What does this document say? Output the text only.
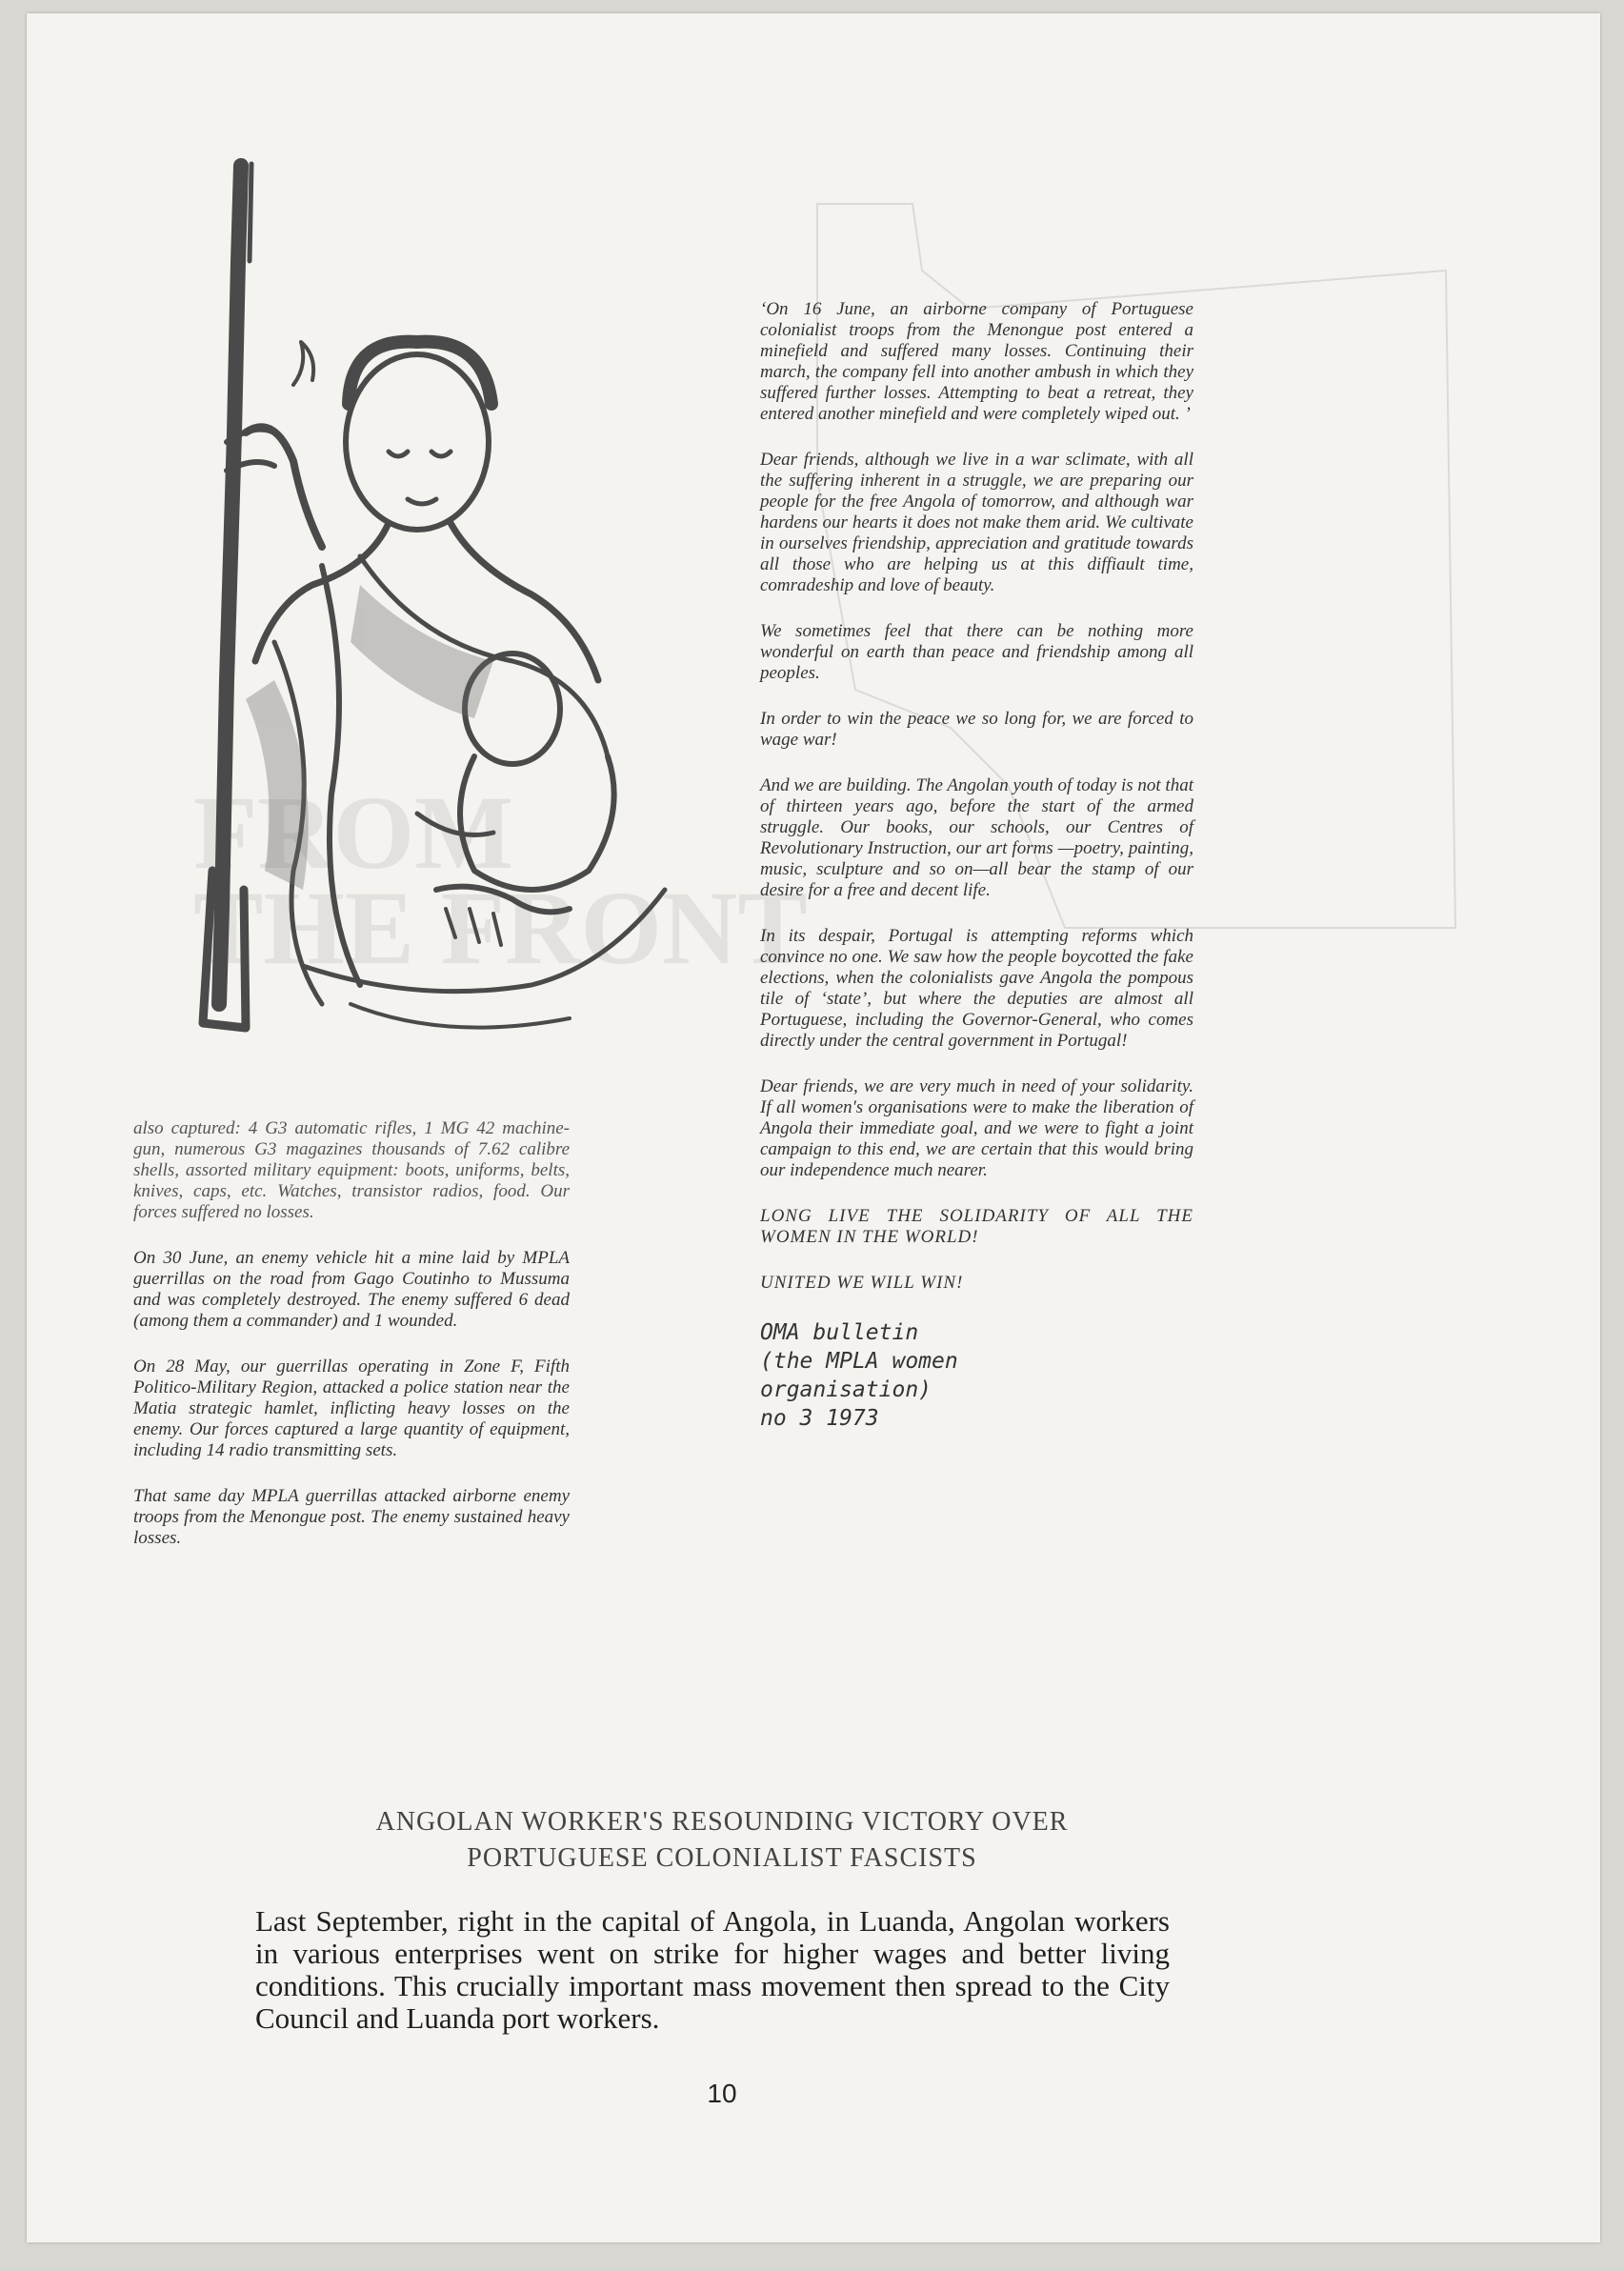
FROM
THE FRONT

‘On 16 June, an airborne company of Portuguese colonialist troops from the Menongue post entered a minefield and suffered many losses. Continuing their march, the company fell into another ambush in which they suffered further losses. Attempting to beat a retreat, they entered another minefield and were completely wiped out. ’

Dear friends, although we live in a war sclimate, with all the suffering inherent in a struggle, we are preparing our people for the free Angola of tomorrow, and although war hardens our hearts it does not make them arid. We cultivate in ourselves friendship, appreciation and gratitude towards all those who are helping us at this diffiault time, comradeship and love of beauty.

We sometimes feel that there can be nothing more wonderful on earth than peace and friendship among all peoples.

In order to win the peace we so long for, we are forced to wage war!

And we are building. The Angolan youth of today is not that of thirteen years ago, before the start of the armed struggle. Our books, our schools, our Centres of Revolutionary Instruction, our art forms —poetry, painting, music, sculpture and so on—all bear the stamp of our desire for a free and decent life.

In its despair, Portugal is attempting reforms which convince no one. We saw how the people boycotted the fake elections, when the colonialists gave Angola the pompous tile of ‘state’, but where the deputies are almost all Portuguese, including the Governor-General, who comes directly under the central government in Portugal!

Dear friends, we are very much in need of your solidarity. If all women's organisations were to make the liberation of Angola their immediate goal, and we were to fight a joint campaign to this end, we are certain that this would bring our independence much nearer.

LONG LIVE THE SOLIDARITY OF ALL THE WOMEN IN THE WORLD!

UNITED WE WILL WIN!

OMA bulletin
(the MPLA women
organisation)
no 3 1973

also captured: 4 G3 automatic rifles, 1 MG 42 machine-gun, numerous G3 magazines thousands of 7.62 calibre shells, assorted military equipment: boots, uniforms, belts, knives, caps, etc. Watches, transistor radios, food. Our forces suffered no losses.

On 30 June, an enemy vehicle hit a mine laid by MPLA guerrillas on the road from Gago Coutinho to Mussuma and was completely destroyed. The enemy suffered 6 dead (among them a commander) and 1 wounded.

On 28 May, our guerrillas operating in Zone F, Fifth Politico-Military Region, attacked a police station near the Matia strategic hamlet, inflicting heavy losses on the enemy. Our forces captured a large quantity of equipment, including 14 radio transmitting sets.

That same day MPLA guerrillas attacked airborne enemy troops from the Menongue post. The enemy sustained heavy losses.

ANGOLAN WORKER'S RESOUNDING VICTORY OVER
PORTUGUESE COLONIALIST FASCISTS
Last September, right in the capital of Angola, in Luanda, Angolan workers in various enterprises went on strike for higher wages and better living conditions. This crucially important mass movement then spread to the City Council and Luanda port workers.
10
